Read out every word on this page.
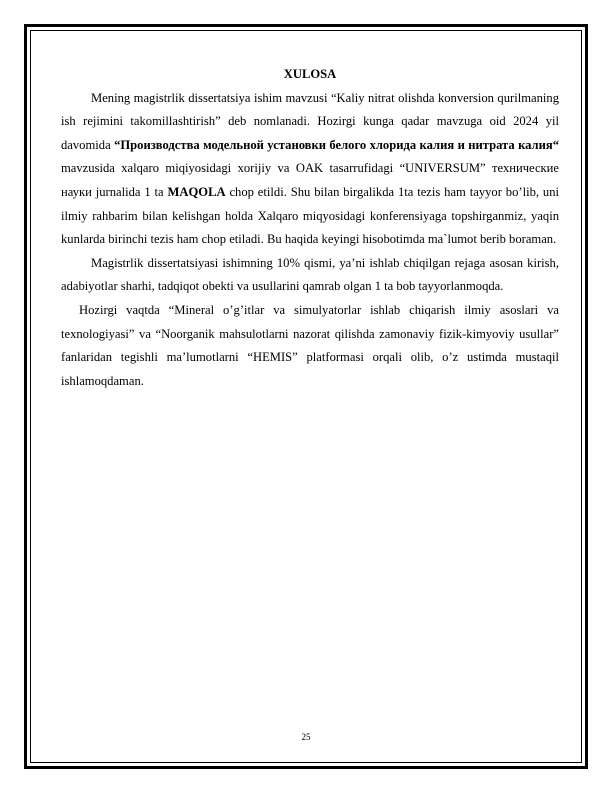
XULOSA

Mening magistrlik dissertatsiya ishim mavzusi “Kaliy nitrat olishda konversion qurilmaning ish rejimini takomillashtirish” deb nomlanadi. Hozirgi kunga qadar mavzuga oid 2024 yil davomida “Производства модельной установки белого хлорида калия и нитрата калия“ mavzusida xalqaro miqiyosidagi xorijiy va OAK tasarrufidagi “UNIVERSUM” технические науки jurnalida 1 ta MAQOLA chop etildi. Shu bilan birgalikda 1ta tezis ham tayyor bo’lib, uni ilmiy rahbarim bilan kelishgan holda Xalqaro miqyosidagi konferensiyaga topshirganmiz, yaqin kunlarda birinchi tezis ham chop etiladi. Bu haqida keyingi hisobotimda ma`lumot berib boraman.

Magistrlik dissertatsiyasi ishimning 10% qismi, ya’ni ishlab chiqilgan rejaga asosan kirish, adabiyotlar sharhi, tadqiqot obekti va usullarini qamrab olgan 1 ta bob tayyorlanmoqda.

Hozirgi vaqtda “Mineral o’g’itlar va simulyatorlar ishlab chiqarish ilmiy asoslari va texnologiyasi” va “Noorganik mahsulotlarni nazorat qilishda zamonaviy fizik-kimyoviy usullar” fanlaridan tegishli ma’lumotlarni “HEMIS” platformasi orqali olib, o’z ustimda mustaqil ishlamoqdaman.

25
